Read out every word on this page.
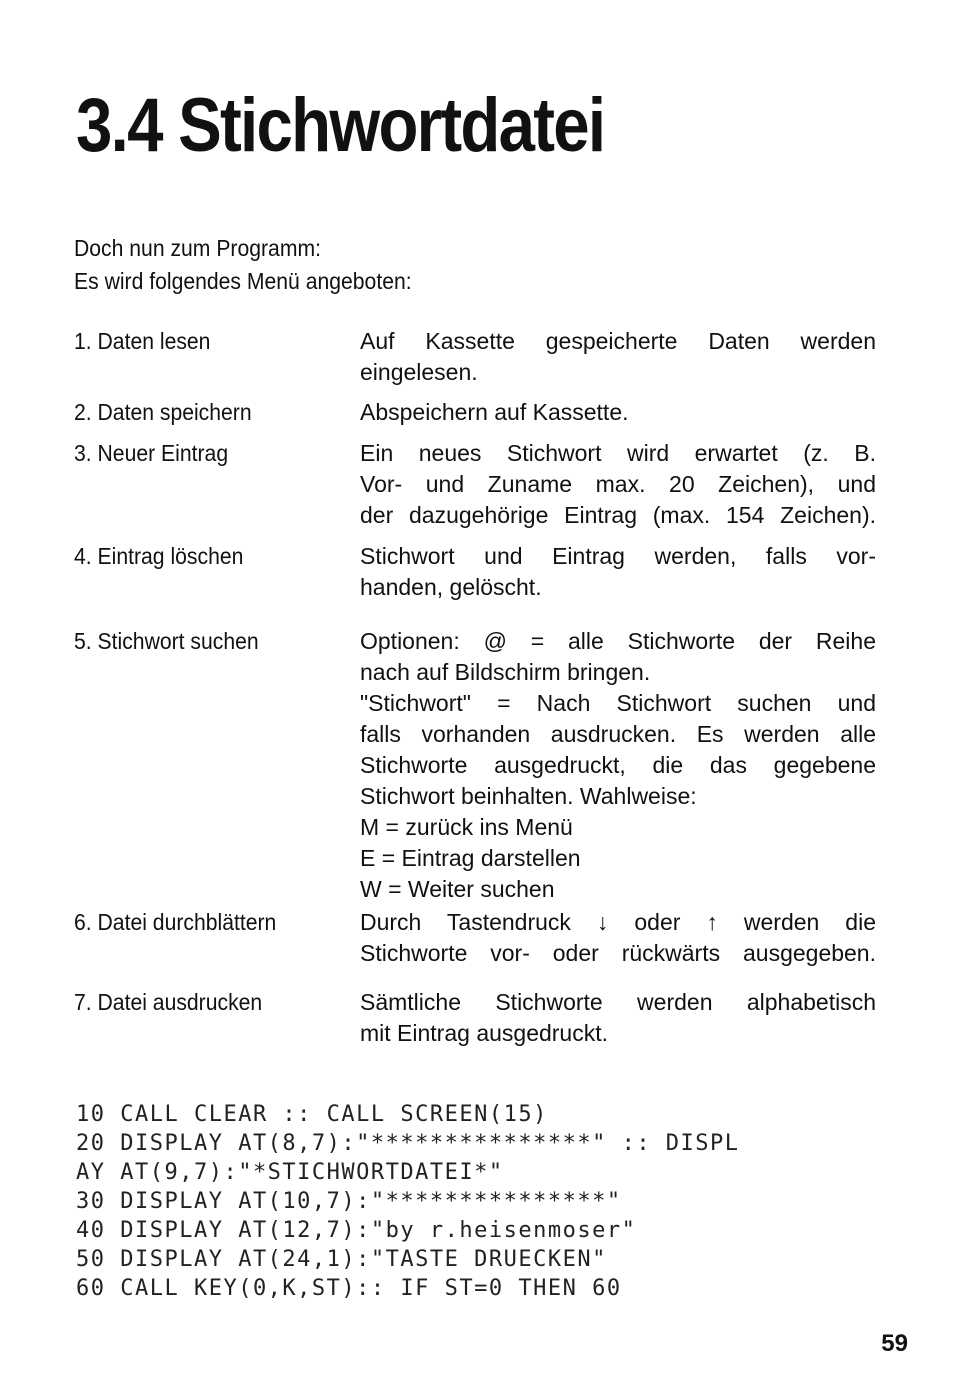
3.4 Stichwortdatei
Doch nun zum Programm:
Es wird folgendes Menü angeboten:
1. Daten lesen	Auf Kassette gespeicherte Daten werden
eingelesen.
2. Daten speichern	Abspeichern auf Kassette.
3. Neuer Eintrag	Ein neues Stichwort wird erwartet (z. B.
Vor- und Zuname max. 20 Zeichen), und
der dazugehörige Eintrag (max. 154 Zeichen).
4. Eintrag löschen	Stichwort und Eintrag werden, falls vor-
handen, gelöscht.
5. Stichwort suchen	Optionen: @ = alle Stichworte der Reihe
nach auf Bildschirm bringen.
"Stichwort" = Nach Stichwort suchen und
falls vorhanden ausdrucken. Es werden alle
Stichworte ausgedruckt, die das gegebene
Stichwort beinhalten. Wahlweise:
M = zurück ins Menü
E = Eintrag darstellen
W = Weiter suchen
6. Datei durchblättern	Durch Tastendruck ↓ oder ↑ werden die
Stichworte vor- oder rückwärts ausgegeben.
7. Datei ausdrucken	Sämtliche Stichworte werden alphabetisch
mit Eintrag ausgedruckt.
10 CALL CLEAR :: CALL SCREEN(15)
20 DISPLAY AT(8,7):"***************" :: DISPL
AY AT(9,7):"*STICHWORTDATEI*"
30 DISPLAY AT(10,7):"***************"
40 DISPLAY AT(12,7):"by r.heisenmoser"
50 DISPLAY AT(24,1):"TASTE DRUECKEN"
60 CALL KEY(0,K,ST):: IF ST=0 THEN 60
59
